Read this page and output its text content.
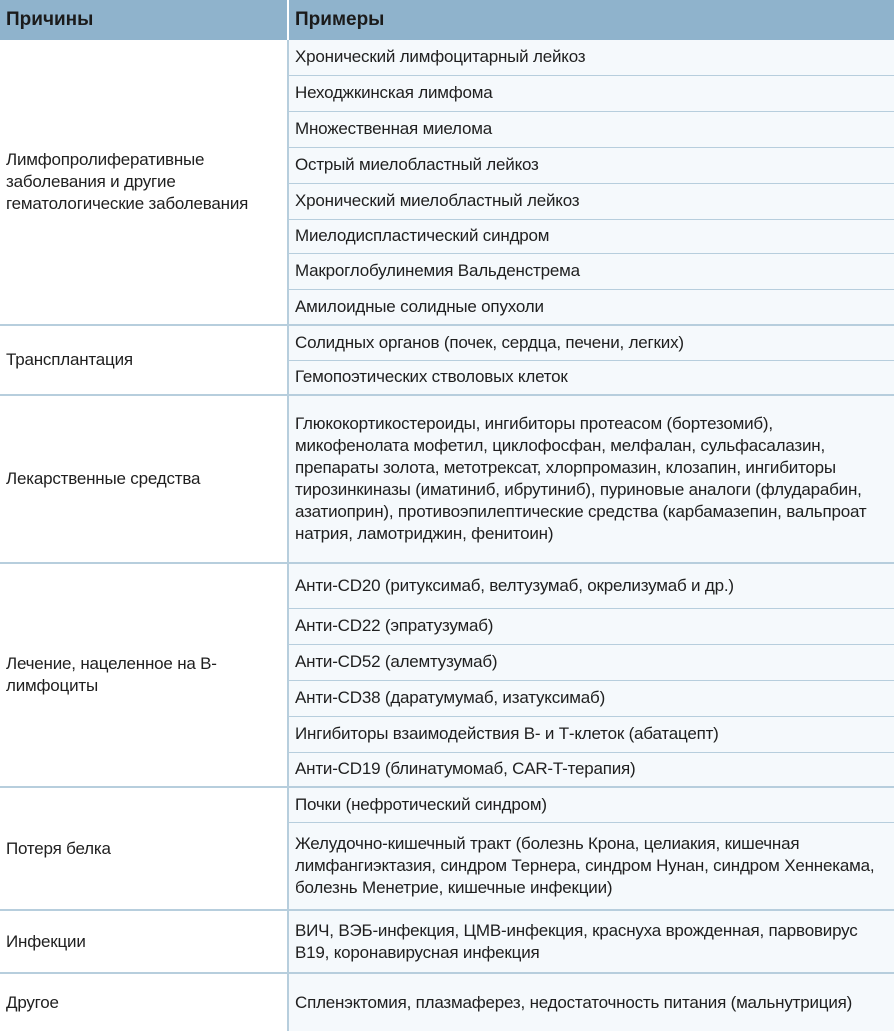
Причины	Примеры
Лимфопролиферативные заболевания и другие гематологические заболевания	Хронический лимфоцитарный лейкоз
	Неходжкинская лимфома
	Множественная миелома
	Острый миелобластный лейкоз
	Хронический миелобластный лейкоз
	Миелодиспластический синдром
	Макроглобулинемия Вальденстрема
	Амилоидные солидные опухоли
Трансплантация	Солидных органов (почек, сердца, печени, легких)
	Гемопоэтических стволовых клеток
Лекарственные средства	Глюкокортикостероиды, ингибиторы протеасом (бортезомиб), микофенолата мофетил, циклофосфан, мелфалан, сульфасалазин, препараты золота, метотрексат, хлорпромазин, клозапин, ингибиторы тирозинкиназы (иматиниб, ибрутиниб), пуриновые аналоги (флударабин, азатиоприн), противоэпилептические средства (карбамазепин, вальпроат натрия, ламотриджин, фенитоин)
Лечение, нацеленное на В-лимфоциты	Анти-CD20 (ритуксимаб, велтузумаб, окрелизумаб и др.)
	Анти-CD22 (эпратузумаб)
	Анти-CD52 (алемтузумаб)
	Анти-CD38 (даратумумаб, изатуксимаб)
	Ингибиторы взаимодействия В- и Т-клеток (абатацепт)
	Анти-CD19 (блинатумомаб, CAR-T-терапия)
Потеря белка	Почки (нефротический синдром)
	Желудочно-кишечный тракт (болезнь Крона, целиакия, кишечная лимфангиэктазия, синдром Тернера, синдром Нунан, синдром Хеннекама, болезнь Менетрие, кишечные инфекции)
Инфекции	ВИЧ, ВЭБ-инфекция, ЦМВ-инфекция, краснуха врожденная, парвовирус В19, коронавирусная инфекция
Другое	Спленэктомия, плазмаферез, недостаточность питания (мальнутриция)
